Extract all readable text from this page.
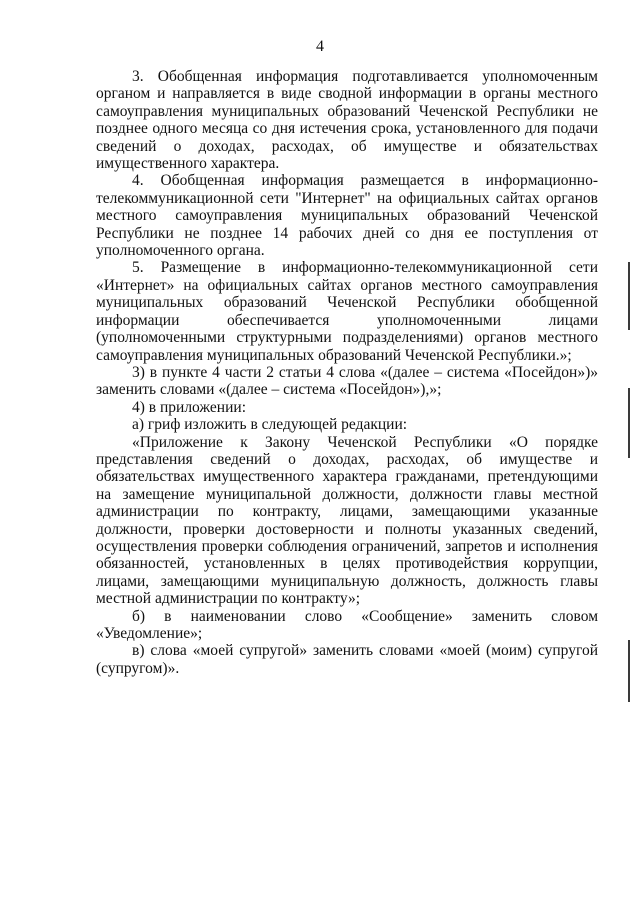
4

3. Обобщенная информация подготавливается уполномоченным органом и направляется в виде сводной информации в органы местного самоуправления муниципальных образований Чеченской Республики не позднее одного месяца со дня истечения срока, установленного для подачи сведений о доходах, расходах, об имуществе и обязательствах имущественного характера.

4. Обобщенная информация размещается в информационно-телекоммуникационной сети "Интернет" на официальных сайтах органов местного самоуправления муниципальных образований Чеченской Республики не позднее 14 рабочих дней со дня ее поступления от уполномоченного органа.

5. Размещение в информационно-телекоммуникационной сети «Интернет» на официальных сайтах органов местного самоуправления муниципальных образований Чеченской Республики обобщенной информации обеспечивается уполномоченными лицами (уполномоченными структурными подразделениями) органов местного самоуправления муниципальных образований Чеченской Республики.»;

3) в пункте 4 части 2 статьи 4 слова «(далее – система «Посейдон»)» заменить словами «(далее – система «Посейдон»),»;

4) в приложении:

а) гриф изложить в следующей редакции:

«Приложение к Закону Чеченской Республики «О порядке представления сведений о доходах, расходах, об имуществе и обязательствах имущественного характера гражданами, претендующими на замещение муниципальной должности, должности главы местной администрации по контракту, лицами, замещающими указанные должности, проверки достоверности и полноты указанных сведений, осуществления проверки соблюдения ограничений, запретов и исполнения обязанностей, установленных в целях противодействия коррупции, лицами, замещающими муниципальную должность, должность главы местной администрации по контракту»;

б) в наименовании слово «Сообщение» заменить словом «Уведомление»;

в) слова «моей супругой» заменить словами «моей (моим) супругой (супругом)».
